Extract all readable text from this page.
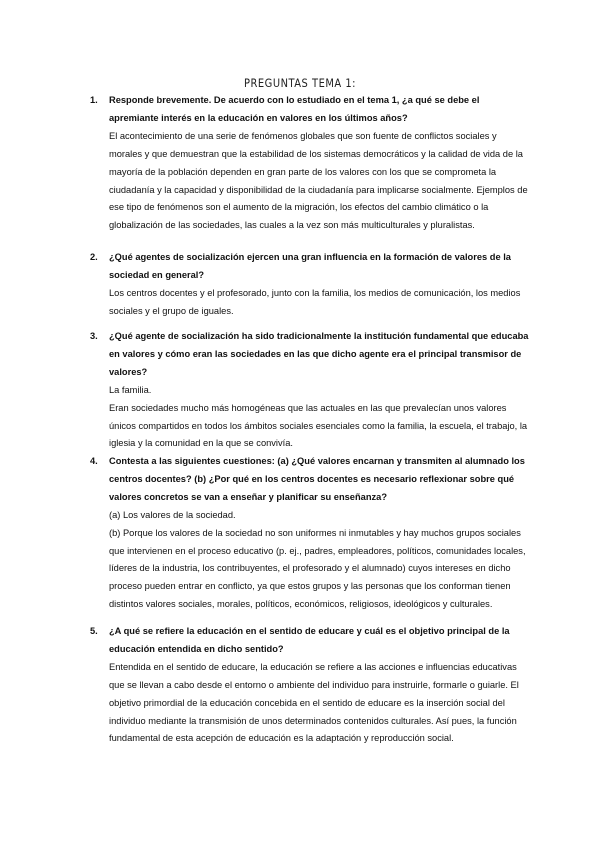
PREGUNTAS TEMA 1:
1. Responde brevemente. De acuerdo con lo estudiado en el tema 1, ¿a qué se debe el apremiante interés en la educación en valores en los últimos años?

El acontecimiento de una serie de fenómenos globales que son fuente de conflictos sociales y morales y que demuestran que la estabilidad de los sistemas democráticos y la calidad de vida de la mayoría de la población dependen en gran parte de los valores con los que se comprometa la ciudadanía y la capacidad y disponibilidad de la ciudadanía para implicarse socialmente. Ejemplos de ese tipo de fenómenos son el aumento de la migración, los efectos del cambio climático o la globalización de las sociedades, las cuales a la vez son más multiculturales y pluralistas.

2. ¿Qué agentes de socialización ejercen una gran influencia en la formación de valores de la sociedad en general?

Los centros docentes y el profesorado, junto con la familia, los medios de comunicación, los medios sociales y el grupo de iguales.

3. ¿Qué agente de socialización ha sido tradicionalmente la institución fundamental que educaba en valores y cómo eran las sociedades en las que dicho agente era el principal transmisor de valores?

La familia.

Eran sociedades mucho más homogéneas que las actuales en las que prevalecían unos valores únicos compartidos en todos los ámbitos sociales esenciales como la familia, la escuela, el trabajo, la iglesia y la comunidad en la que se convivía.

4. Contesta a las siguientes cuestiones: (a) ¿Qué valores encarnan y transmiten al alumnado los centros docentes? (b) ¿Por qué en los centros docentes es necesario reflexionar sobre qué valores concretos se van a enseñar y planificar su enseñanza?

(a) Los valores de la sociedad.

(b) Porque los valores de la sociedad no son uniformes ni inmutables y hay muchos grupos sociales que intervienen en el proceso educativo (p. ej., padres, empleadores, políticos, comunidades locales, líderes de la industria, los contribuyentes, el profesorado y el alumnado) cuyos intereses en dicho proceso pueden entrar en conflicto, ya que estos grupos y las personas que los conforman tienen distintos valores sociales, morales, políticos, económicos, religiosos, ideológicos y culturales.

5. ¿A qué se refiere la educación en el sentido de educare y cuál es el objetivo principal de la educación entendida en dicho sentido?

Entendida en el sentido de educare, la educación se refiere a las acciones e influencias educativas que se llevan a cabo desde el entorno o ambiente del individuo para instruirle, formarle o guiarle. El objetivo primordial de la educación concebida en el sentido de educare es la inserción social del individuo mediante la transmisión de unos determinados contenidos culturales. Así pues, la función fundamental de esta acepción de educación es la adaptación y reproducción social.
